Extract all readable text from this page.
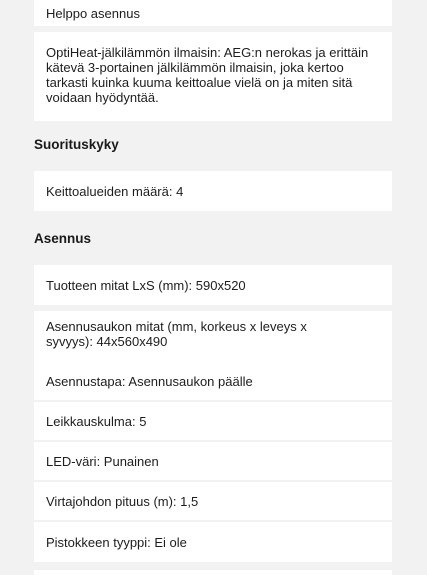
Helppo asennus
OptiHeat-jälkilämmön ilmaisin: AEG:n nerokas ja erittäin kätevä 3-portainen jälkilämmön ilmaisin, joka kertoo tarkasti kuinka kuuma keittoalue vielä on ja miten sitä voidaan hyödyntää.
Suorituskyky
Keittoalueiden määrä: 4
Asennus
Tuotteen mitat LxS (mm): 590x520
Asennusaukon mitat (mm, korkeus x leveys x syvyys): 44x560x490
Asennustapa: Asennusaukon päälle
Leikkauskulma: 5
LED-väri: Punainen
Virtajohdon pituus (m): 1,5
Pistokkeen tyyppi: Ei ole
